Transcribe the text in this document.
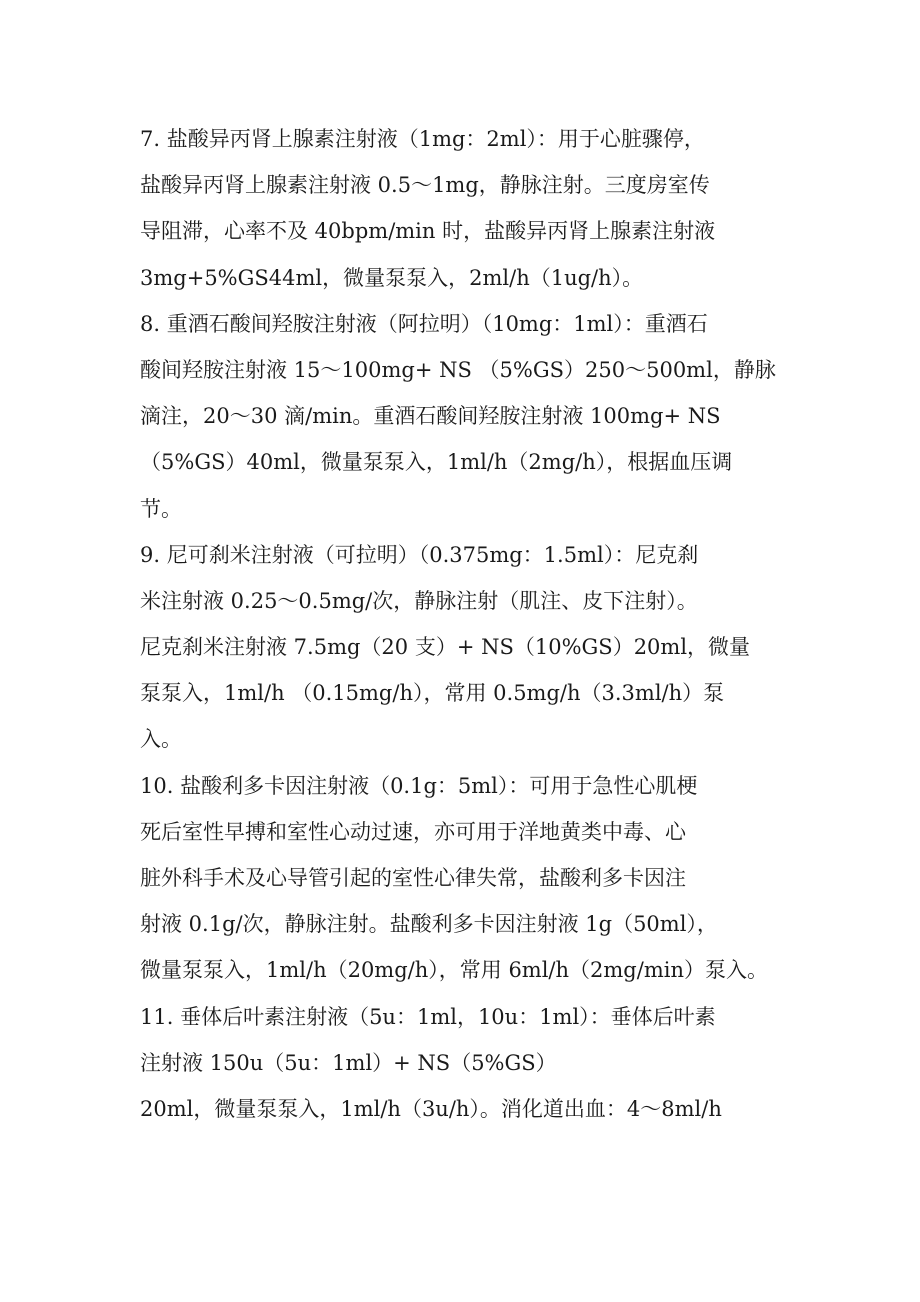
7. 盐酸异丙肾上腺素注射液（1mg：2ml）：用于心脏骤停，
盐酸异丙肾上腺素注射液 0.5～1mg，静脉注射。三度房室传
导阻滞，心率不及 40bpm/min 时，盐酸异丙肾上腺素注射液
3mg+5%GS44ml，微量泵泵入，2ml/h（1ug/h）。
8. 重酒石酸间羟胺注射液（阿拉明）（10mg：1ml）：重酒石
酸间羟胺注射液 15～100mg+ NS （5%GS）250～500ml，静脉
滴注，20～30 滴/min。重酒石酸间羟胺注射液 100mg+ NS
（5%GS）40ml，微量泵泵入，1ml/h（2mg/h），根据血压调
节。
9. 尼可刹米注射液（可拉明）（0.375mg：1.5ml）：尼克刹
米注射液 0.25～0.5mg/次，静脉注射（肌注、皮下注射）。
尼克刹米注射液 7.5mg（20 支）+ NS（10%GS）20ml，微量
泵泵入，1ml/h （0.15mg/h），常用 0.5mg/h（3.3ml/h）泵
入。
10. 盐酸利多卡因注射液（0.1g：5ml）：可用于急性心肌梗
死后室性早搏和室性心动过速，亦可用于洋地黄类中毒、心
脏外科手术及心导管引起的室性心律失常，盐酸利多卡因注
射液 0.1g/次，静脉注射。盐酸利多卡因注射液 1g（50ml），
微量泵泵入，1ml/h（20mg/h），常用 6ml/h（2mg/min）泵入。
11. 垂体后叶素注射液（5u：1ml，10u：1ml）：垂体后叶素
注射液 150u（5u：1ml）+ NS（5%GS）
20ml，微量泵泵入，1ml/h（3u/h）。消化道出血：4～8ml/h
